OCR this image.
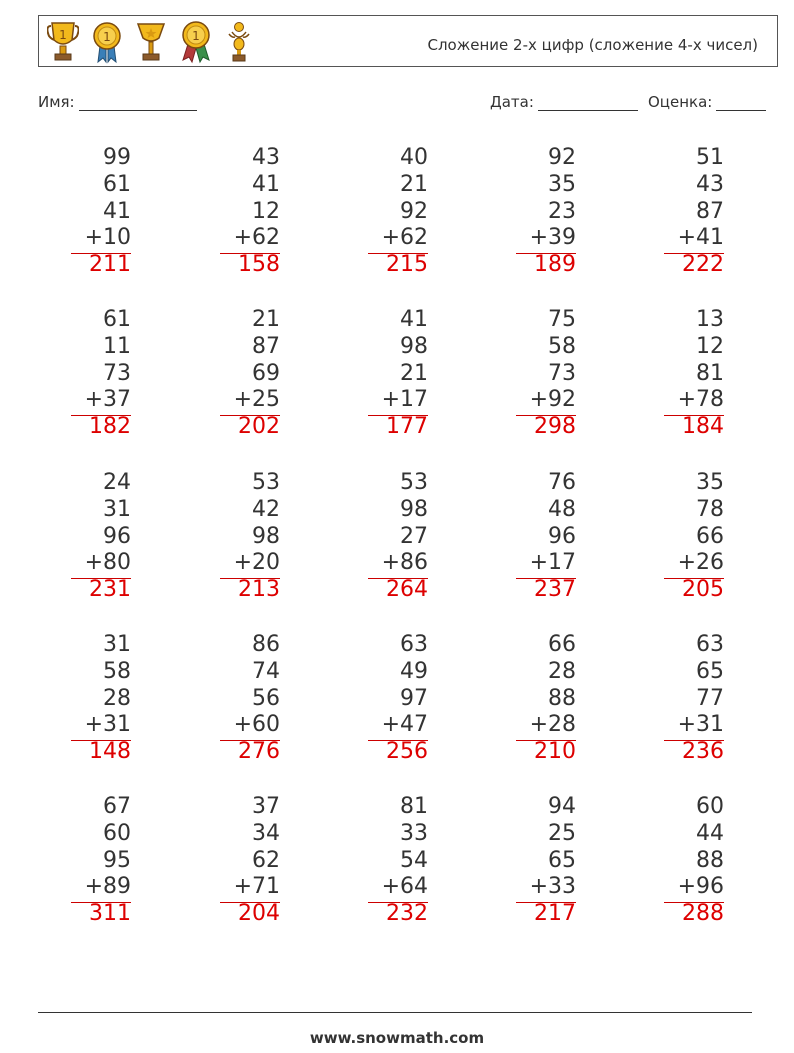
1	1	1	Сложение 2-х цифр (сложение 4-х чисел)
Имя:	Дата:	Оценка:
99
61
41
+10
211
43
41
12
+62
158
40
21
92
+62
215
92
35
23
+39
189
51
43
87
+41
222
61
11
73
+37
182
21
87
69
+25
202
41
98
21
+17
177
75
58
73
+92
298
13
12
81
+78
184
24
31
96
+80
231
53
42
98
+20
213
53
98
27
+86
264
76
48
96
+17
237
35
78
66
+26
205
31
58
28
+31
148
86
74
56
+60
276
63
49
97
+47
256
66
28
88
+28
210
63
65
77
+31
236
67
60
95
+89
311
37
34
62
+71
204
81
33
54
+64
232
94
25
65
+33
217
60
44
88
+96
288
www.snowmath.com
